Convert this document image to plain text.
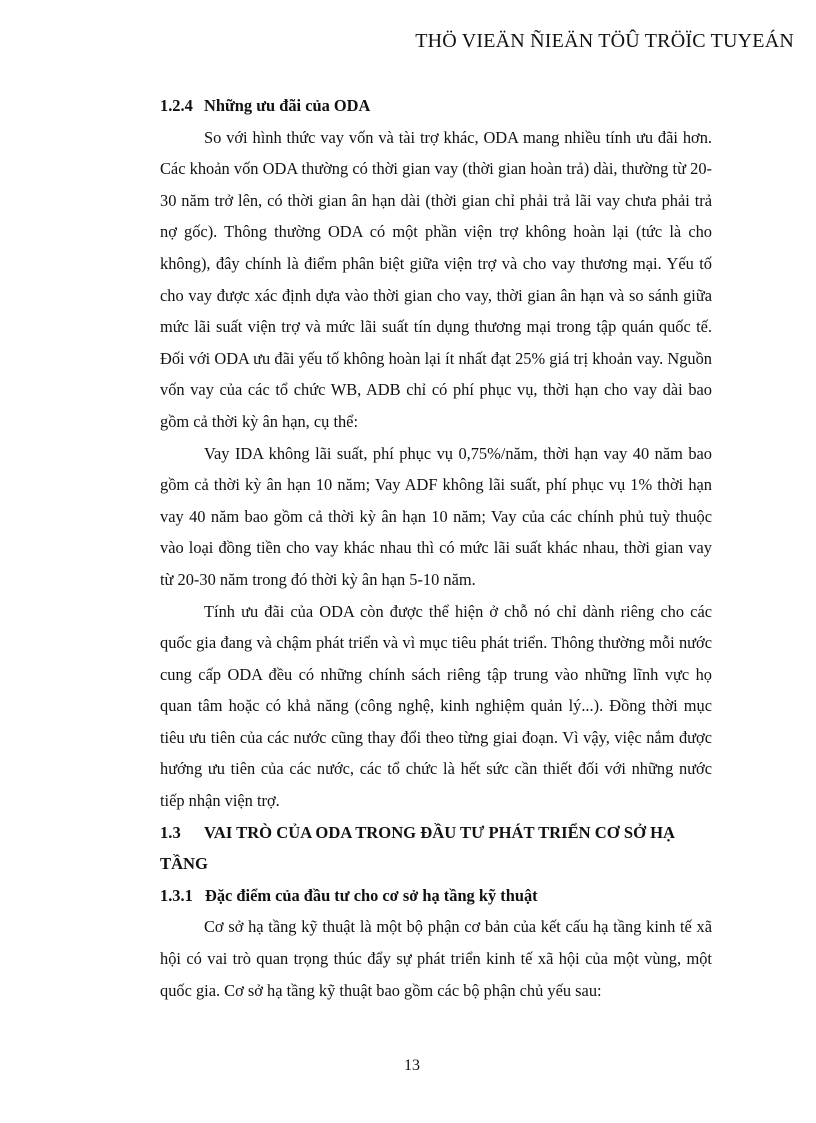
THÖ VIEÄN ÑIEÄN TÖÛ TRÖÏC TUYEÁN
1.2.4 Những ưu đãi của ODA

So với hình thức vay vốn và tài trợ khác, ODA mang nhiều tính ưu đãi hơn. Các khoản vốn ODA thường có thời gian vay (thời gian hoàn trả) dài, thường từ 20-30 năm trở lên, có thời gian ân hạn dài (thời gian chỉ phải trả lãi vay chưa phải trả nợ gốc). Thông thường ODA có một phần viện trợ không hoàn lại (tức là cho không), đây chính là điểm phân biệt giữa viện trợ và cho vay thương mại. Yếu tố cho vay được xác định dựa vào thời gian cho vay, thời gian ân hạn và so sánh giữa mức lãi suất viện trợ và mức lãi suất tín dụng thương mại trong tập quán quốc tế. Đối với ODA ưu đãi yếu tố không hoàn lại ít nhất đạt 25% giá trị khoản vay. Nguồn vốn vay của các tổ chức WB, ADB chỉ có phí phục vụ, thời hạn cho vay dài bao gồm cả thời kỳ ân hạn, cụ thể:

Vay IDA không lãi suất, phí phục vụ 0,75%/năm, thời hạn vay 40 năm bao gồm cả thời kỳ ân hạn 10 năm; Vay ADF không lãi suất, phí phục vụ 1% thời hạn vay 40 năm bao gồm cả thời kỳ ân hạn 10 năm; Vay của các chính phủ tuỳ thuộc vào loại đồng tiền cho vay khác nhau thì có mức lãi suất khác nhau, thời gian vay từ 20-30 năm trong đó thời kỳ ân hạn 5-10 năm.

Tính ưu đãi của ODA còn được thể hiện ở chỗ nó chỉ dành riêng cho các quốc gia đang và chậm phát triển và vì mục tiêu phát triển. Thông thường mỗi nước cung cấp ODA đều có những chính sách riêng tập trung vào những lĩnh vực họ quan tâm hoặc có khả năng (công nghệ, kinh nghiệm quản lý...). Đồng thời mục tiêu ưu tiên của các nước cũng thay đổi theo từng giai đoạn. Vì vậy, việc nắm được hướng ưu tiên của các nước, các tổ chức là hết sức cần thiết đối với những nước tiếp nhận viện trợ.

1.3 VAI TRÒ CỦA ODA TRONG ĐẦU TƯ PHÁT TRIỂN CƠ SỞ HẠ TẦNG
1.3.1 Đặc điểm của đầu tư cho cơ sở hạ tầng kỹ thuật

Cơ sở hạ tầng kỹ thuật là một bộ phận cơ bản của kết cấu hạ tầng kinh tế xã hội có vai trò quan trọng thúc đẩy sự phát triển kinh tế xã hội của một vùng, một quốc gia. Cơ sở hạ tầng kỹ thuật bao gồm các bộ phận chủ yếu sau:

13
